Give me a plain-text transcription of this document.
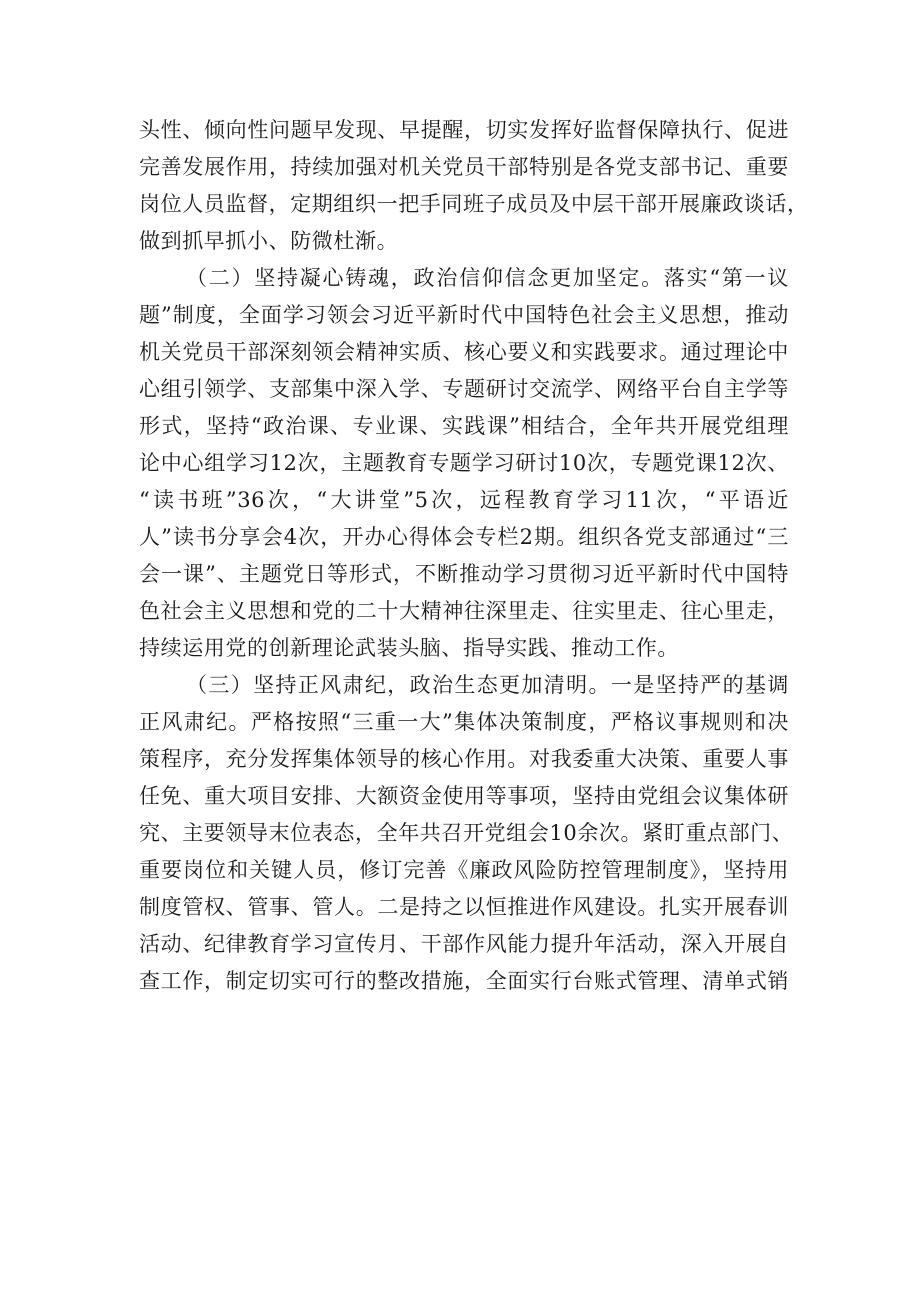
头性、倾向性问题早发现、早提醒，切实发挥好监督保障执行、促进
完善发展作用，持续加强对机关党员干部特别是各党支部书记、重要
岗位人员监督，定期组织一把手同班子成员及中层干部开展廉政谈话，
做到抓早抓小、防微杜渐。
（二）坚持凝心铸魂，政治信仰信念更加坚定。落实“第一议
题”制度，全面学习领会习近平新时代中国特色社会主义思想，推动
机关党员干部深刻领会精神实质、核心要义和实践要求。通过理论中
心组引领学、支部集中深入学、专题研讨交流学、网络平台自主学等
形式，坚持“政治课、专业课、实践课”相结合，全年共开展党组理
论中心组学习12次，主题教育专题学习研讨10次，专题党课12次、
“读书班”36次，“大讲堂”5次，远程教育学习11次，“平语近
人”读书分享会4次，开办心得体会专栏2期。组织各党支部通过“三
会一课”、主题党日等形式，不断推动学习贯彻习近平新时代中国特
色社会主义思想和党的二十大精神往深里走、往实里走、往心里走，
持续运用党的创新理论武装头脑、指导实践、推动工作。
（三）坚持正风肃纪，政治生态更加清明。一是坚持严的基调
正风肃纪。严格按照“三重一大”集体决策制度，严格议事规则和决
策程序，充分发挥集体领导的核心作用。对我委重大决策、重要人事
任免、重大项目安排、大额资金使用等事项，坚持由党组会议集体研
究、主要领导末位表态，全年共召开党组会10余次。紧盯重点部门、
重要岗位和关键人员，修订完善《廉政风险防控管理制度》，坚持用
制度管权、管事、管人。二是持之以恒推进作风建设。扎实开展春训
活动、纪律教育学习宣传月、干部作风能力提升年活动，深入开展自
查工作，制定切实可行的整改措施，全面实行台账式管理、清单式销
